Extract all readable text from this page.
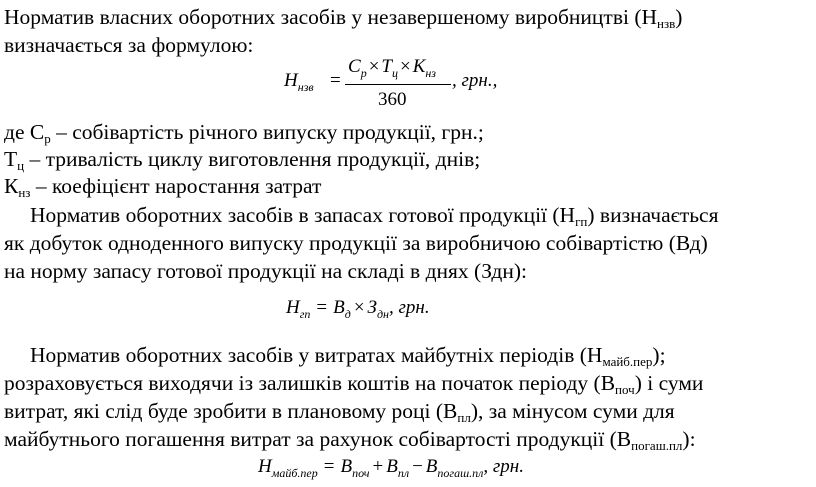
Норматив власних оборотних засобів у незавершеному виробництві $(Н_{нзв})$
визначається за формулою:
$Н_{нзв}$ =
$С_р \times Т_ц \times К_{нз}$
360
, грн.,
де $С_р$ – собівартість річного випуску продукції, грн.;
$Т_ц$ – тривалість циклу виготовлення продукції, днів;
$К_{нз}$ – коефіцієнт наростання затрат
Норматив оборотних засобів в запасах готової продукції $(Н_{гп})$ визначається
як добуток одноденного випуску продукції за виробничою собівартістю (Вд)
на норму запасу готової продукції на складі в днях (Здн):
$Н_{гп} = В_д \times З_{дн}$, грн.
Норматив оборотних засобів у витратах майбутніх періодів $(Н_{майб.пер})$;
розраховується виходячи із залишків коштів на початок періоду $(В_{поч})$ і суми
витрат, які слід буде зробити в плановому році $(В_{пл})$, за мінусом суми для
майбутнього погашення витрат за рахунок собівартості продукції $(В_{погаш.пл})$:
$Н_{майб.пер} = В_{поч} + В_{пл} - В_{погаш.пл}$, грн.
